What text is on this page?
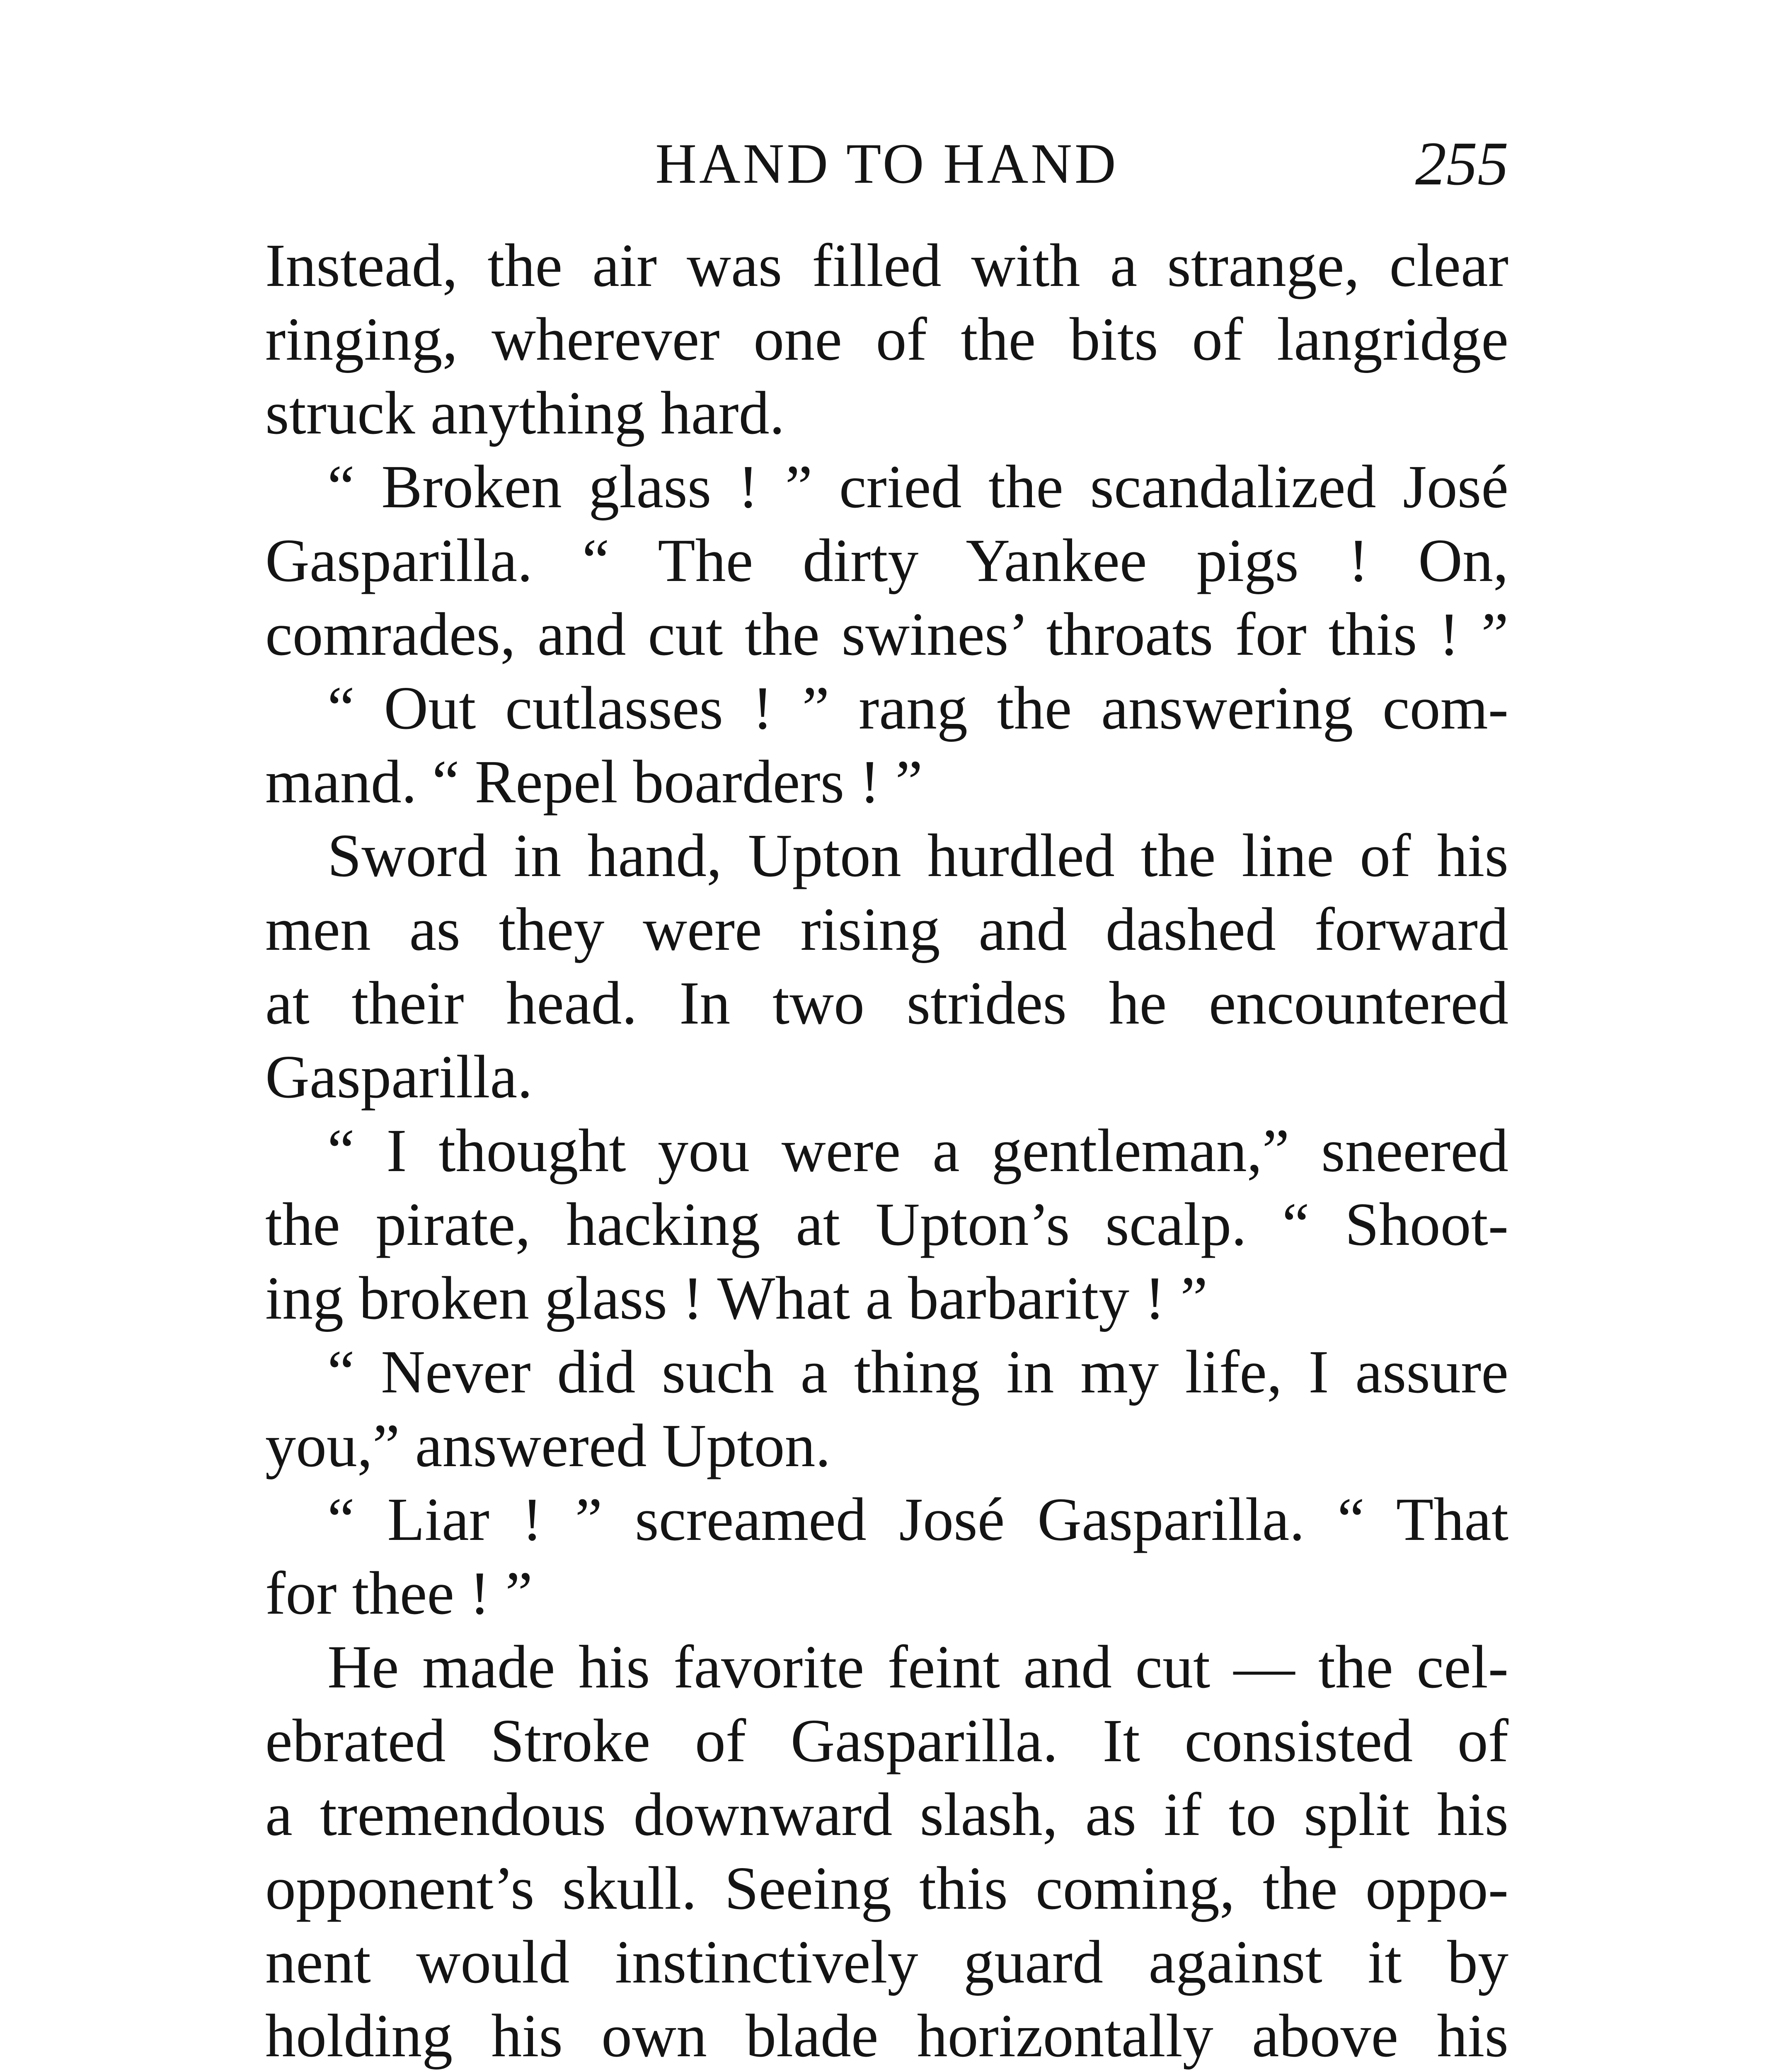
HAND TO HAND	255
Instead, the air was filled with a strange, clear
ringing, wherever one of the bits of langridge
struck anything hard.
“ Broken glass ! ” cried the scandalized José
Gasparilla. “ The dirty Yankee pigs ! On,
comrades, and cut the swines’ throats for this ! ”
“ Out cutlasses ! ” rang the answering com-
mand. “ Repel boarders ! ”
Sword in hand, Upton hurdled the line of his
men as they were rising and dashed forward
at their head. In two strides he encountered
Gasparilla.
“ I thought you were a gentleman,” sneered
the pirate, hacking at Upton’s scalp. “ Shoot-
ing broken glass ! What a barbarity ! ”
“ Never did such a thing in my life, I assure
you,” answered Upton.
“ Liar ! ” screamed José Gasparilla. “ That
for thee ! ”
He made his favorite feint and cut — the cel-
ebrated Stroke of Gasparilla. It consisted of
a tremendous downward slash, as if to split his
opponent’s skull. Seeing this coming, the oppo-
nent would instinctively guard against it by
holding his own blade horizontally above his
